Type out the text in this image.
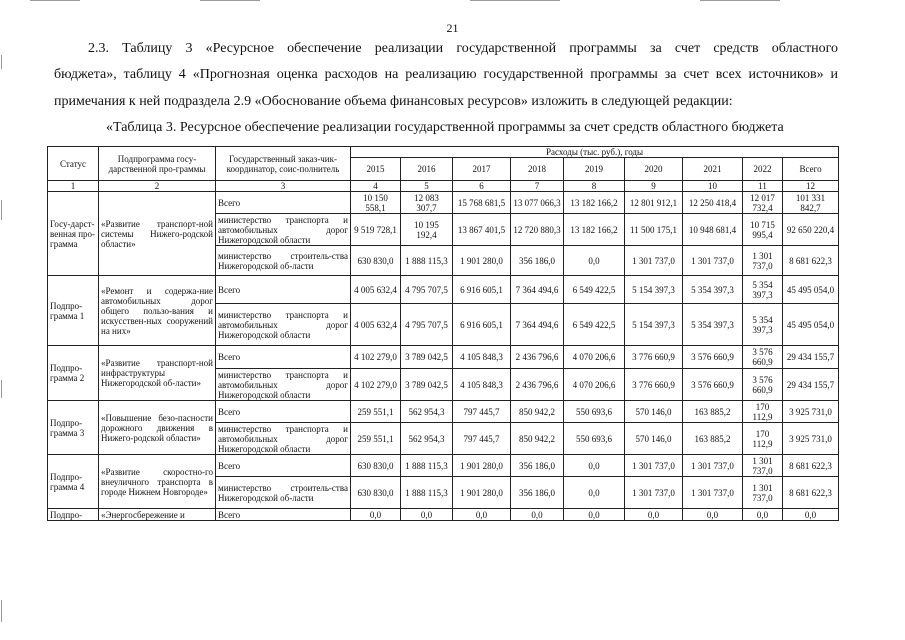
21
2.3. Таблицу 3 «Ресурсное обеспечение реализации государственной программы за счет средств областного
бюджета», таблицу 4 «Прогнозная оценка расходов на реализацию государственной программы за счет всех источников» и
примечания к ней подраздела 2.9 «Обоснование объема финансовых ресурсов» изложить в следующей редакции:
«Таблица 3. Ресурсное обеспечение реализации государственной программы за счет средств областного бюджета
Статус	Подпрограмма госу-дарственной про-граммы	Государственный заказ-чик- координатор, соис-полнитель	Расходы (тыс. руб.), годы								
			2015	2016	2017	2018	2019	2020	2021	2022	Всего
1	2	3	4	5	6	7	8	9	10	11	12
Госу-дарст-венная про-грамма	«Развитие транспорт-ной системы Нижего-родской области»	Всего	10 150 558,1	12 083 307,7	15 768 681,5	13 077 066,3	13 182 166,2	12 801 912,1	12 250 418,4	12 017 732,4	101 331 842,7
		министерство транспорта и автомобильных дорог Нижегородской области	9 519 728,1	10 195 192,4	13 867 401,5	12 720 880,3	13 182 166,2	11 500 175,1	10 948 681,4	10 715 995,4	92 650 220,4
		министерство строитель-ства Нижегородской об-ласти	630 830,0	1 888 115,3	1 901 280,0	356 186,0	0,0	1 301 737,0	1 301 737,0	1 301 737,0	8 681 622,3
Подпро-грамма 1	«Ремонт и содержа-ние автомобильных дорог общего пользо-вания и искусствен-ных сооружений на них»	Всего	4 005 632,4	4 795 707,5	6 916 605,1	7 364 494,6	6 549 422,5	5 154 397,3	5 354 397,3	5 354 397,3	45 495 054,0
		министерство транспорта и автомобильных дорог Нижегородской области	4 005 632,4	4 795 707,5	6 916 605,1	7 364 494,6	6 549 422,5	5 154 397,3	5 354 397,3	5 354 397,3	45 495 054,0
Подпро-грамма 2	«Развитие транспорт-ной инфраструктуры Нижегородской об-ласти»	Всего	4 102 279,0	3 789 042,5	4 105 848,3	2 436 796,6	4 070 206,6	3 776 660,9	3 576 660,9	3 576 660,9	29 434 155,7
		министерство транспорта и автомобильных дорог Нижегородской области	4 102 279,0	3 789 042,5	4 105 848,3	2 436 796,6	4 070 206,6	3 776 660,9	3 576 660,9	3 576 660,9	29 434 155,7
Подпро-грамма 3	«Повышение безо-пасности дорожного движения в Нижего-родской области»	Всего	259 551,1	562 954,3	797 445,7	850 942,2	550 693,6	570 146,0	163 885,2	170 112,9	3 925 731,0
		министерство транспорта и автомобильных дорог Нижегородской области	259 551,1	562 954,3	797 445,7	850 942,2	550 693,6	570 146,0	163 885,2	170 112,9	3 925 731,0
Подпро-грамма 4	«Развитие скоростно-го внеуличного транспорта в городе Нижнем Новгороде»	Всего	630 830,0	1 888 115,3	1 901 280,0	356 186,0	0,0	1 301 737,0	1 301 737,0	1 301 737,0	8 681 622,3
		министерство строитель-ства Нижегородской об-ласти	630 830,0	1 888 115,3	1 901 280,0	356 186,0	0,0	1 301 737,0	1 301 737,0	1 301 737,0	8 681 622,3
Подпро-	«Энергосбережение и	Всего	0,0	0,0	0,0	0,0	0,0	0,0	0,0	0,0	0,0
